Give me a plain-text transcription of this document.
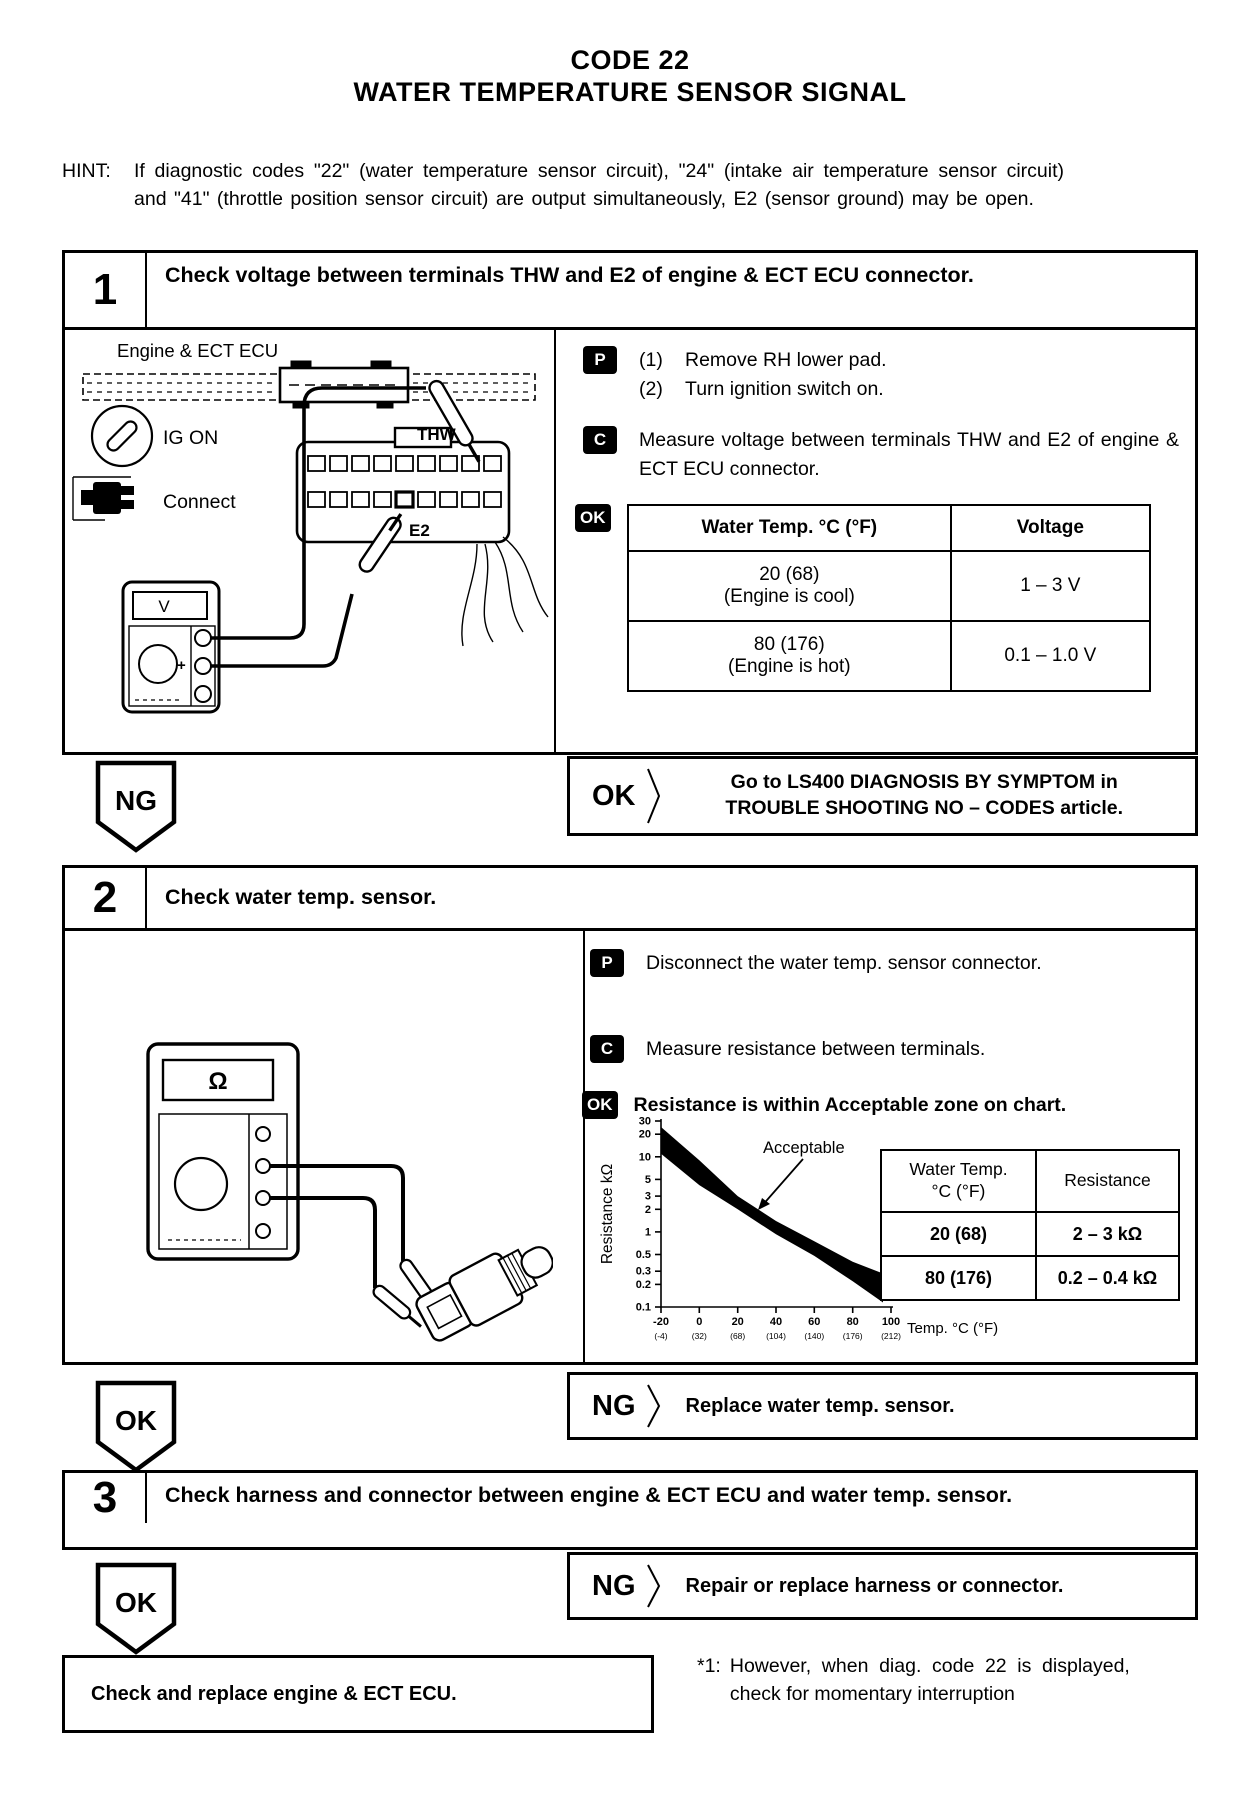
CODE 22
WATER TEMPERATURE SENSOR SIGNAL
HINT:	If diagnostic codes "22" (water temperature sensor circuit), "24" (intake air temperature sensor circuit) and "41" (throttle position sensor circuit) are output simultaneously, E2 (sensor ground) may be open.
1	Check voltage between terminals THW and E2 of engine & ECT ECU connector.
Engine & ECT ECU
IG ON
Connect
THW
E2
V
+
P	(1)	Remove RH lower pad.
(2)	Turn ignition switch on.
C	Measure voltage between terminals THW and E2 of engine & ECT ECU connector.
OK	Water Temp. °C (°F)	Voltage

20 (68)
(Engine is cool)	1 – 3 V

80 (176)
(Engine is hot)	0.1 – 1.0 V
NG	OK	Go to LS400 DIAGNOSIS BY SYMPTOM in
TROUBLE SHOOTING NO – CODES article.
2	Check water temp. sensor.
Ω
P	Disconnect the water temp. sensor connector.
C	Measure resistance between terminals.
OK Resistance is within Acceptable zone on chart.
Acceptable
Resistance kΩ
30
20
10
5
3
2
1
0.5
0.3
0.2
0.1
-20 0	20 40 60 80 100
(-4)	(32)	(68) (104) (140) (176) (212) Temp. °C (°F)
Water Temp.
°C (°F)	Resistance
20 (68)	2 – 3 kΩ
80 (176)	0.2 – 0.4 kΩ
OK	NG	Replace water temp. sensor.
3	Check harness and connector between engine & ECT ECU and water temp. sensor.
OK
NG	Repair or replace harness or connector.
Check and replace engine & ECT ECU.
*1: However, when diag. code 22 is displayed, check for momentary interruption
